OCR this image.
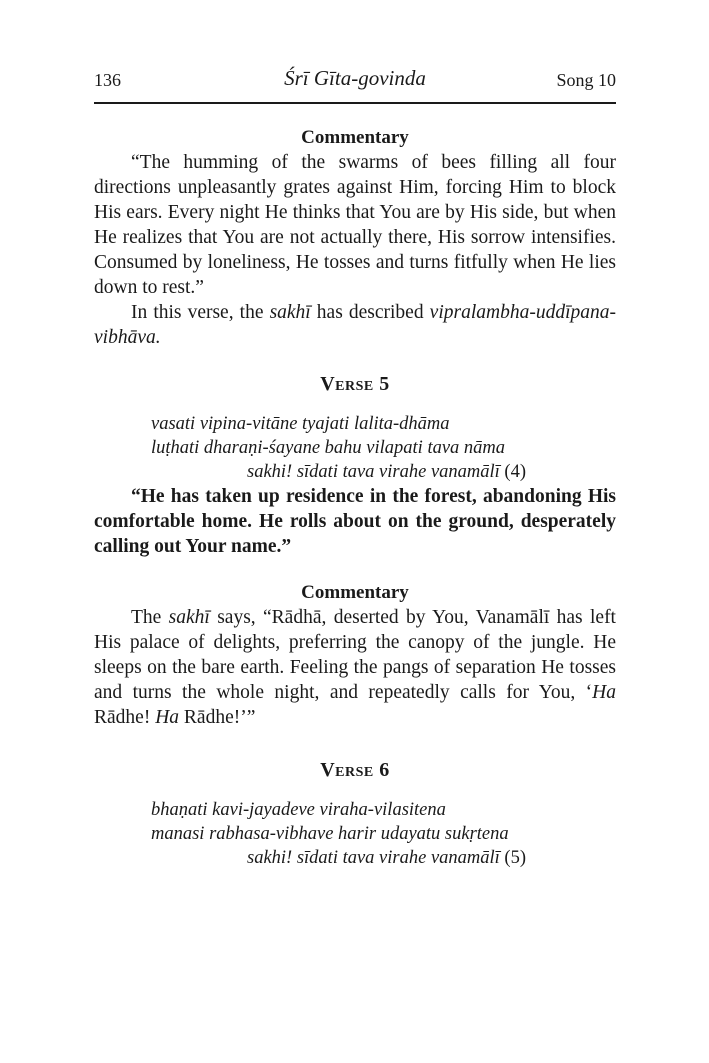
136	Śrī Gīta-govinda	Song 10
Commentary

“The humming of the swarms of bees filling all four directions unpleasantly grates against Him, forcing Him to block His ears. Every night He thinks that You are by His side, but when He realizes that You are not actually there, His sorrow intensifies. Consumed by loneliness, He tosses and turns fitfully when He lies down to rest.”

In this verse, the sakhī has described vipralambha-uddīpana-vibhāva.

Verse 5
vasati vipina-vitāne tyajati lalita-dhāma
luṭhati dharaṇi-śayane bahu vilapati tava nāma
sakhi! sīdati tava virahe vanamālī (4)

“He has taken up residence in the forest, abandoning His comfortable home. He rolls about on the ground, desperately calling out Your name.”

Commentary

The sakhī says, “Rādhā, deserted by You, Vanamālī has left His palace of delights, preferring the canopy of the jungle. He sleeps on the bare earth. Feeling the pangs of separation He tosses and turns the whole night, and repeatedly calls for You, ‘Ha Rādhe! Ha Rādhe!’”

Verse 6
bhaṇati kavi-jayadeve viraha-vilasitena
manasi rabhasa-vibhave harir udayatu sukṛtena
sakhi! sīdati tava virahe vanamālī (5)
